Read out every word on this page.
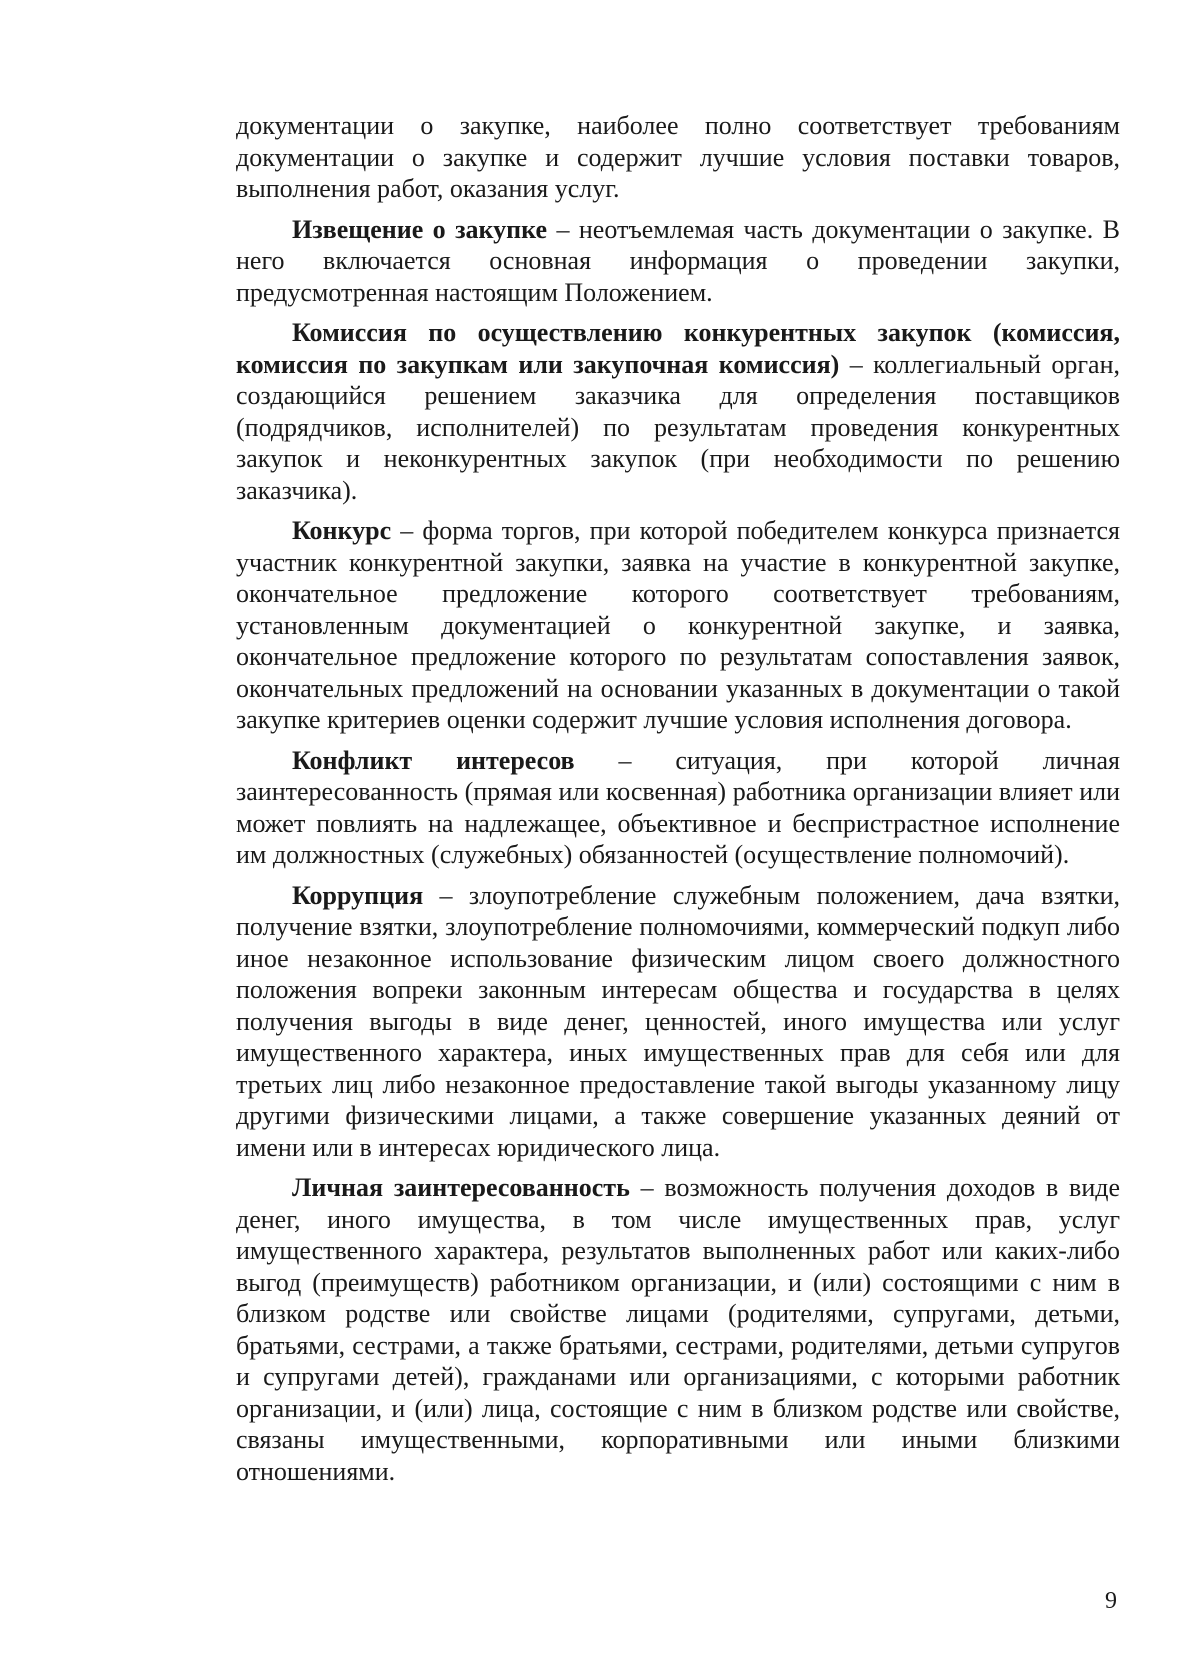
документации о закупке, наиболее полно соответствует требованиям документации о закупке и содержит лучшие условия поставки товаров, выполнения работ, оказания услуг.

Извещение о закупке – неотъемлемая часть документации о закупке. В него включается основная информация о проведении закупки, предусмотренная настоящим Положением.

Комиссия по осуществлению конкурентных закупок (комиссия, комиссия по закупкам или закупочная комиссия) – коллегиальный орган, создающийся решением заказчика для определения поставщиков (подрядчиков, исполнителей) по результатам проведения конкурентных закупок и неконкурентных закупок (при необходимости по решению заказчика).

Конкурс – форма торгов, при которой победителем конкурса признается участник конкурентной закупки, заявка на участие в конкурентной закупке, окончательное предложение которого соответствует требованиям, установленным документацией о конкурентной закупке, и заявка, окончательное предложение которого по результатам сопоставления заявок, окончательных предложений на основании указанных в документации о такой закупке критериев оценки содержит лучшие условия исполнения договора.

Конфликт интересов – ситуация, при которой личная заинтересованность (прямая или косвенная) работника организации влияет или может повлиять на надлежащее, объективное и беспристрастное исполнение им должностных (служебных) обязанностей (осуществление полномочий).

Коррупция – злоупотребление служебным положением, дача взятки, получение взятки, злоупотребление полномочиями, коммерческий подкуп либо иное незаконное использование физическим лицом своего должностного положения вопреки законным интересам общества и государства в целях получения выгоды в виде денег, ценностей, иного имущества или услуг имущественного характера, иных имущественных прав для себя или для третьих лиц либо незаконное предоставление такой выгоды указанному лицу другими физическими лицами, а также совершение указанных деяний от имени или в интересах юридического лица.

Личная заинтересованность – возможность получения доходов в виде денег, иного имущества, в том числе имущественных прав, услуг имущественного характера, результатов выполненных работ или каких-либо выгод (преимуществ) работником организации, и (или) состоящими с ним в близком родстве или свойстве лицами (родителями, супругами, детьми, братьями, сестрами, а также братьями, сестрами, родителями, детьми супругов и супругами детей), гражданами или организациями, с которыми работник организации, и (или) лица, состоящие с ним в близком родстве или свойстве, связаны имущественными, корпоративными или иными близкими отношениями.

9
